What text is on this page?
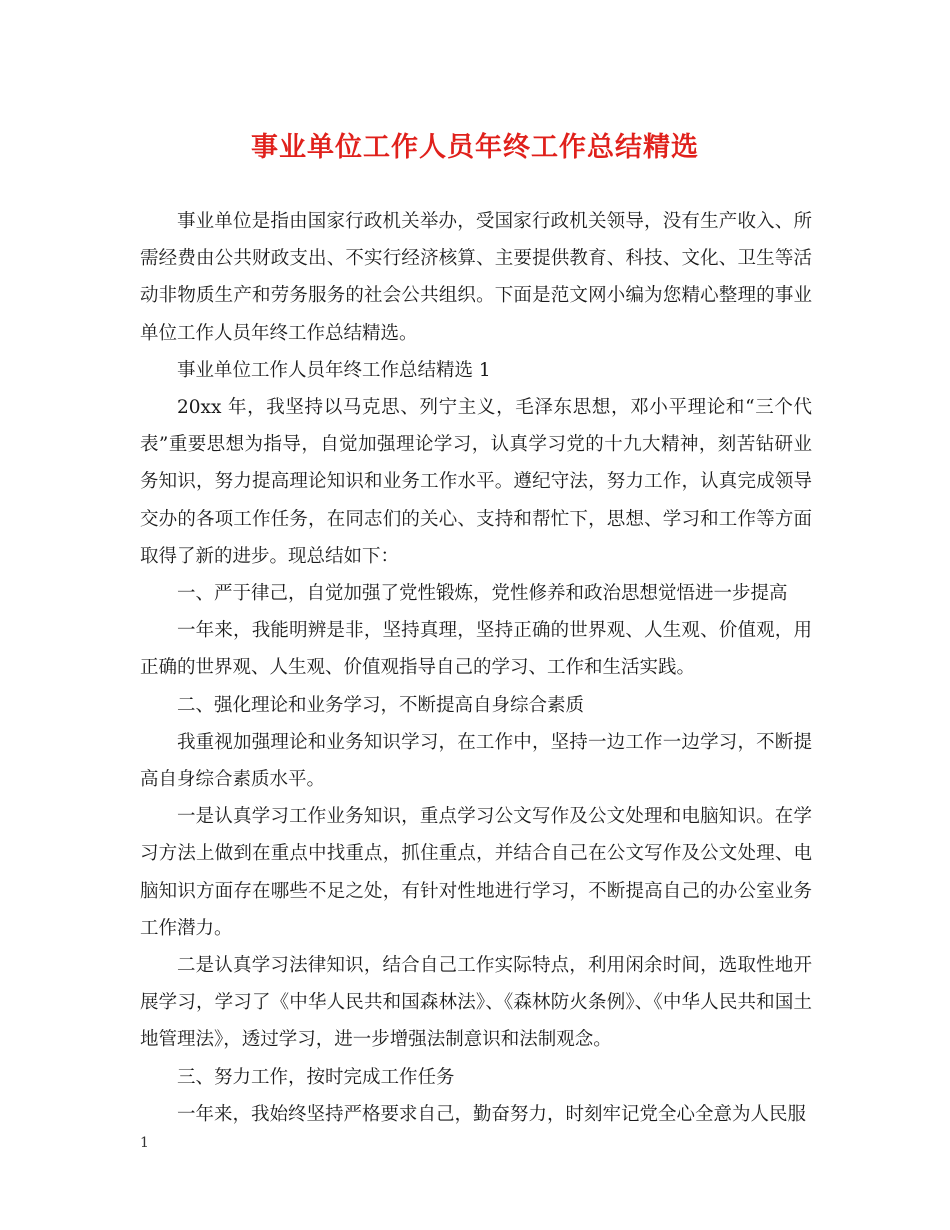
事业单位工作人员年终工作总结精选

事业单位是指由国家行政机关举办，受国家行政机关领导，没有生产收入、所需经费由公共财政支出、不实行经济核算、主要提供教育、科技、文化、卫生等活动非物质生产和劳务服务的社会公共组织。下面是范文网小编为您精心整理的事业单位工作人员年终工作总结精选。

事业单位工作人员年终工作总结精选 1

20xx 年，我坚持以马克思、列宁主义，毛泽东思想，邓小平理论和“三个代表”重要思想为指导，自觉加强理论学习，认真学习党的十九大精神，刻苦钻研业务知识，努力提高理论知识和业务工作水平。遵纪守法，努力工作，认真完成领导交办的各项工作任务，在同志们的关心、支持和帮忙下，思想、学习和工作等方面取得了新的进步。现总结如下：

一、严于律己，自觉加强了党性锻炼，党性修养和政治思想觉悟进一步提高

一年来，我能明辨是非，坚持真理，坚持正确的世界观、人生观、价值观，用正确的世界观、人生观、价值观指导自己的学习、工作和生活实践。

二、强化理论和业务学习，不断提高自身综合素质

我重视加强理论和业务知识学习，在工作中，坚持一边工作一边学习，不断提高自身综合素质水平。

一是认真学习工作业务知识，重点学习公文写作及公文处理和电脑知识。在学习方法上做到在重点中找重点，抓住重点，并结合自己在公文写作及公文处理、电脑知识方面存在哪些不足之处，有针对性地进行学习，不断提高自己的办公室业务工作潜力。

二是认真学习法律知识，结合自己工作实际特点，利用闲余时间，选取性地开展学习，学习了《中华人民共和国森林法》、《森林防火条例》、《中华人民共和国土地管理法》，透过学习，进一步增强法制意识和法制观念。

三、努力工作，按时完成工作任务

一年来，我始终坚持严格要求自己，勤奋努力，时刻牢记党全心全意为人民服

1
